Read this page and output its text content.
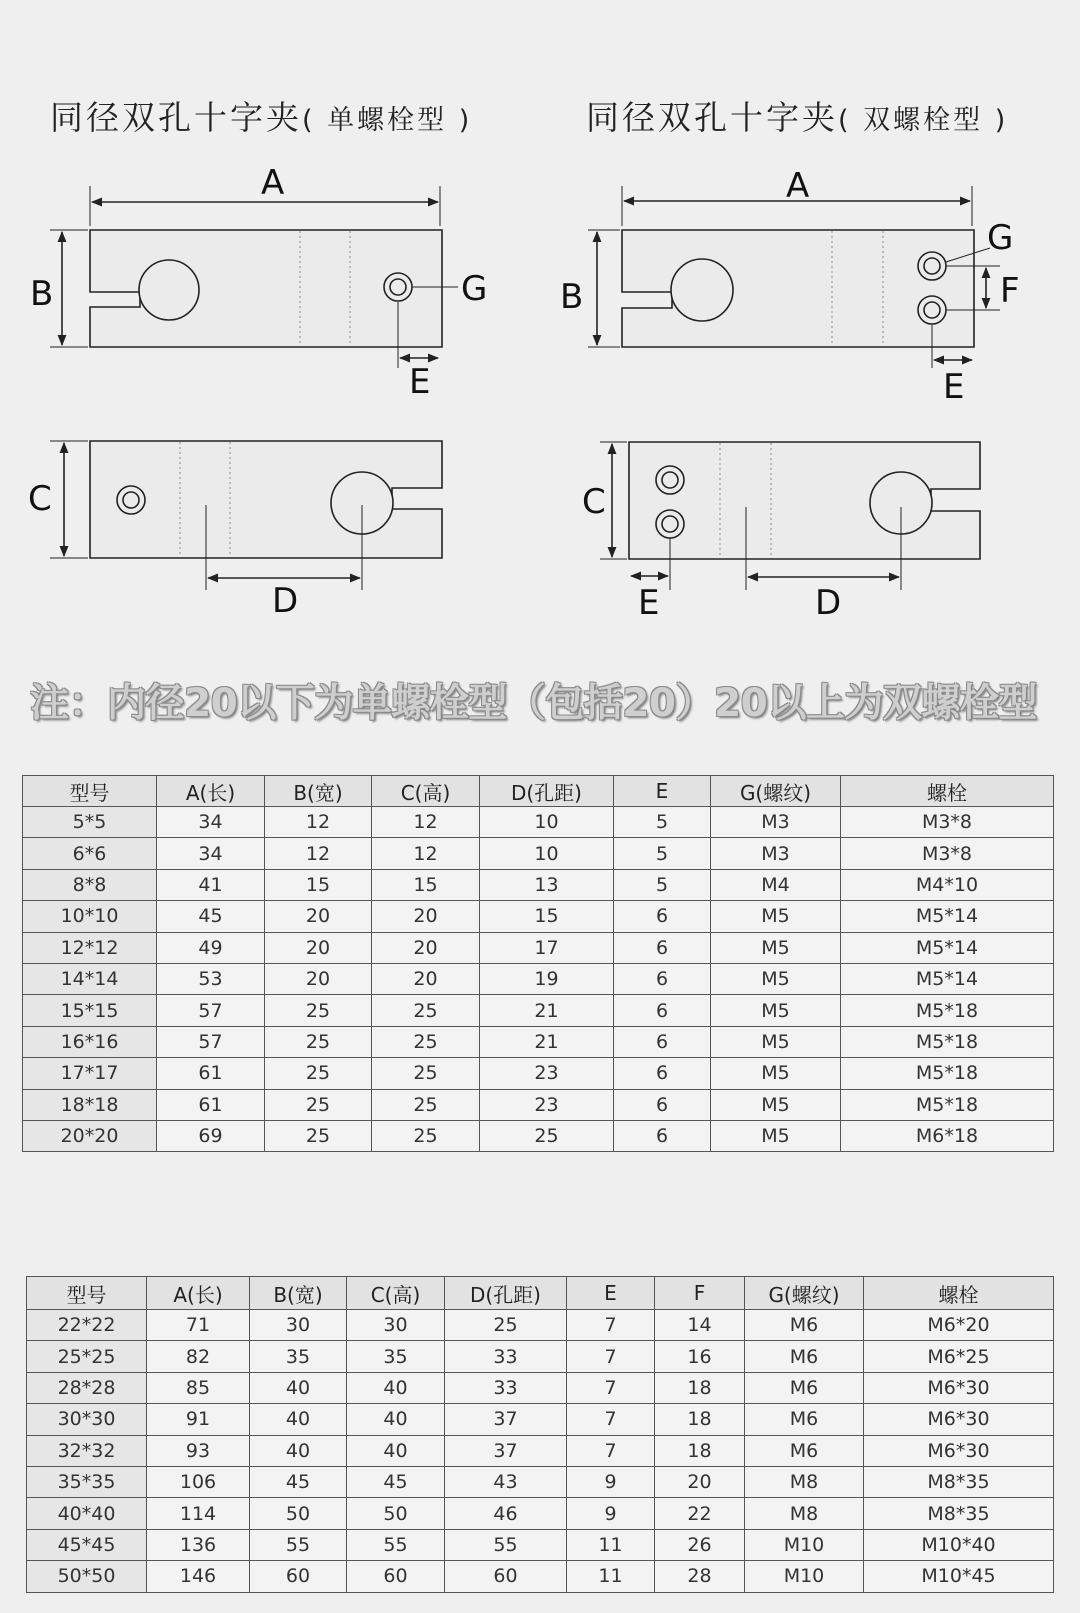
同径双孔十字夹( 单螺栓型 )	同径双孔十字夹( 双螺栓型 )
A
B	G
E
C
D
A
B
G
F
E
C
E	D
注：内径20以下为单螺栓型（包括20）20以上为双螺栓型
型号	A(长)	B(宽)	C(高)	D(孔距)	E	G(螺纹)	螺栓
5*5	34	12	12	10	5	M3	M3*8
6*6	34	12	12	10	5	M3	M3*8
8*8	41	15	15	13	5	M4	M4*10
10*10	45	20	20	15	6	M5	M5*14
12*12	49	20	20	17	6	M5	M5*14
14*14	53	20	20	19	6	M5	M5*14
15*15	57	25	25	21	6	M5	M5*18
16*16	57	25	25	21	6	M5	M5*18
17*17	61	25	25	23	6	M5	M5*18
18*18	61	25	25	23	6	M5	M5*18
20*20	69	25	25	25	6	M5	M6*18
型号	A(长)	B(宽)	C(高)	D(孔距)	E	F	G(螺纹)	螺栓
22*22	71	30	30	25	7	14	M6	M6*20
25*25	82	35	35	33	7	16	M6	M6*25
28*28	85	40	40	33	7	18	M6	M6*30
30*30	91	40	40	37	7	18	M6	M6*30
32*32	93	40	40	37	7	18	M6	M6*30
35*35	106	45	45	43	9	20	M8	M8*35
40*40	114	50	50	46	9	22	M8	M8*35
45*45	136	55	55	55	11	26	M10	M10*40
50*50	146	60	60	60	11	28	M10	M10*45
